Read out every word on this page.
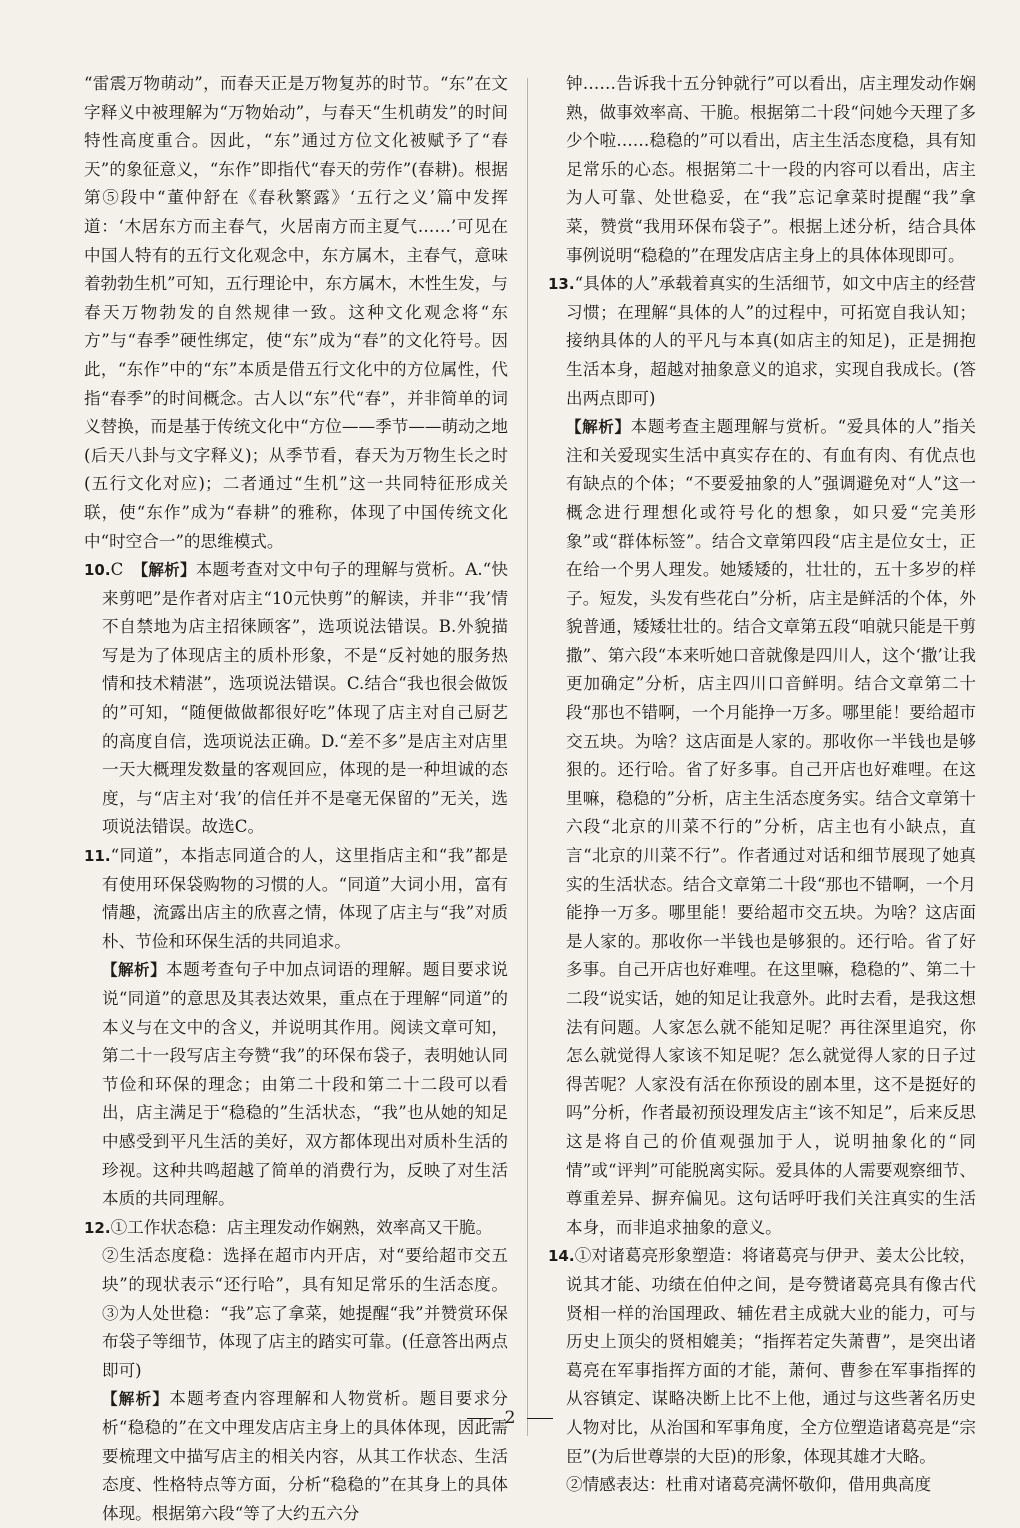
“雷震万物萌动”，而春天正是万物复苏的时节。“东”在文字释义中被理解为“万物始动”，与春天“生机萌发”的时间特性高度重合。因此，“东”通过方位文化被赋予了“春天”的象征意义，“东作”即指代“春天的劳作”(春耕)。根据第⑤段中“董仲舒在《春秋繁露》‘五行之义’篇中发挥道：‘木居东方而主春气，火居南方而主夏气……’可见在中国人特有的五行文化观念中，东方属木，主春气，意味着勃勃生机”可知，五行理论中，东方属木，木性生发，与春天万物勃发的自然规律一致。这种文化观念将“东方”与“春季”硬性绑定，使“东”成为“春”的文化符号。因此，“东作”中的“东”本质是借五行文化中的方位属性，代指“春季”的时间概念。古人以“东”代“春”，并非简单的词义替换，而是基于传统文化中“方位——季节——萌动之地(后天八卦与文字释义)；从季节看，春天为万物生长之时(五行文化对应)；二者通过“生机”这一共同特征形成关联，使“东作”成为“春耕”的雅称，体现了中国传统文化中“时空合一”的思维模式。

10.C　 【解析】本题考查对文中句子的理解与赏析。A.“快来剪吧”是作者对店主“10元快剪”的解读，并非“‘我’情不自禁地为店主招徕顾客”，选项说法错误。B.外貌描写是为了体现店主的质朴形象，不是“反衬她的服务热情和技术精湛”，选项说法错误。C.结合“我也很会做饭的”可知，“随便做做都很好吃”体现了店主对自己厨艺的高度自信，选项说法正确。D.“差不多”是店主对店里一天大概理发数量的客观回应，体现的是一种坦诚的态度，与“店主对‘我’的信任并不是毫无保留的”无关，选项说法错误。故选C。

11.“同道”，本指志同道合的人，这里指店主和“我”都是有使用环保袋购物的习惯的人。“同道”大词小用，富有情趣，流露出店主的欣喜之情，体现了店主与“我”对质朴、节俭和环保生活的共同追求。

【解析】本题考查句子中加点词语的理解。题目要求说说“同道”的意思及其表达效果，重点在于理解“同道”的本义与在文中的含义，并说明其作用。阅读文章可知，第二十一段写店主夸赞“我”的环保布袋子，表明她认同节俭和环保的理念；由第二十段和第二十二段可以看出，店主满足于“稳稳的”生活状态，“我”也从她的知足中感受到平凡生活的美好，双方都体现出对质朴生活的珍视。这种共鸣超越了简单的消费行为，反映了对生活本质的共同理解。

12.①工作状态稳：店主理发动作娴熟，效率高又干脆。

②生活态度稳：选择在超市内开店，对“要给超市交五块”的现状表示“还行哈”，具有知足常乐的生活态度。③为人处世稳：“我”忘了拿菜，她提醒“我”并赞赏环保布袋子等细节，体现了店主的踏实可靠。(任意答出两点即可)

【解析】本题考查内容理解和人物赏析。题目要求分析“稳稳的”在文中理发店店主身上的具体体现，因此需要梳理文中描写店主的相关内容，从其工作状态、生活态度、性格特点等方面，分析“稳稳的”在其身上的具体体现。根据第六段“等了大约五六分

钟……告诉我十五分钟就行”可以看出，店主理发动作娴熟，做事效率高、干脆。根据第二十段“问她今天理了多少个啦……稳稳的”可以看出，店主生活态度稳，具有知足常乐的心态。根据第二十一段的内容可以看出，店主为人可靠、处世稳妥，在“我”忘记拿菜时提醒“我”拿菜，赞赏“我用环保布袋子”。根据上述分析，结合具体事例说明“稳稳的”在理发店店主身上的具体体现即可。

13.“具体的人”承载着真实的生活细节，如文中店主的经营习惯；在理解“具体的人”的过程中，可拓宽自我认知；接纳具体的人的平凡与本真(如店主的知足)，正是拥抱生活本身，超越对抽象意义的追求，实现自我成长。(答出两点即可)

【解析】本题考查主题理解与赏析。“爱具体的人”指关注和关爱现实生活中真实存在的、有血有肉、有优点也有缺点的个体；“不要爱抽象的人”强调避免对“人”这一概念进行理想化或符号化的想象，如只爱“完美形象”或“群体标签”。结合文章第四段“店主是位女士，正在给一个男人理发。她矮矮的，壮壮的，五十多岁的样子。短发，头发有些花白”分析，店主是鲜活的个体，外貌普通，矮矮壮壮的。结合文章第五段“咱就只能是干剪撒”、第六段“本来听她口音就像是四川人，这个‘撒’让我更加确定”分析，店主四川口音鲜明。结合文章第二十段“那也不错啊，一个月能挣一万多。哪里能！要给超市交五块。为啥？这店面是人家的。那收你一半钱也是够狠的。还行哈。省了好多事。自己开店也好难哩。在这里嘛，稳稳的”分析，店主生活态度务实。结合文章第十六段“北京的川菜不行的”分析，店主也有小缺点，直言“北京的川菜不行”。作者通过对话和细节展现了她真实的生活状态。结合文章第二十段“那也不错啊，一个月能挣一万多。哪里能！要给超市交五块。为啥？这店面是人家的。那收你一半钱也是够狠的。还行哈。省了好多事。自己开店也好难哩。在这里嘛，稳稳的”、第二十二段“说实话，她的知足让我意外。此时去看，是我这想法有问题。人家怎么就不能知足呢？再往深里追究，你怎么就觉得人家该不知足呢？怎么就觉得人家的日子过得苦呢？人家没有活在你预设的剧本里，这不是挺好的吗”分析，作者最初预设理发店主“该不知足”，后来反思这是将自己的价值观强加于人，说明抽象化的“同情”或“评判”可能脱离实际。爱具体的人需要观察细节、尊重差异、摒弃偏见。这句话呼吁我们关注真实的生活本身，而非追求抽象的意义。

14.①对诸葛亮形象塑造：将诸葛亮与伊尹、姜太公比较，说其才能、功绩在伯仲之间，是夸赞诸葛亮具有像古代贤相一样的治国理政、辅佐君主成就大业的能力，可与历史上顶尖的贤相媲美；“指挥若定失萧曹”，是突出诸葛亮在军事指挥方面的才能，萧何、曹参在军事指挥的从容镇定、谋略决断上比不上他，通过与这些著名历史人物对比，从治国和军事角度，全方位塑造诸葛亮是“宗臣”(为后世尊崇的大臣)的形象，体现其雄才大略。

②情感表达：杜甫对诸葛亮满怀敬仰，借用典高度

2
